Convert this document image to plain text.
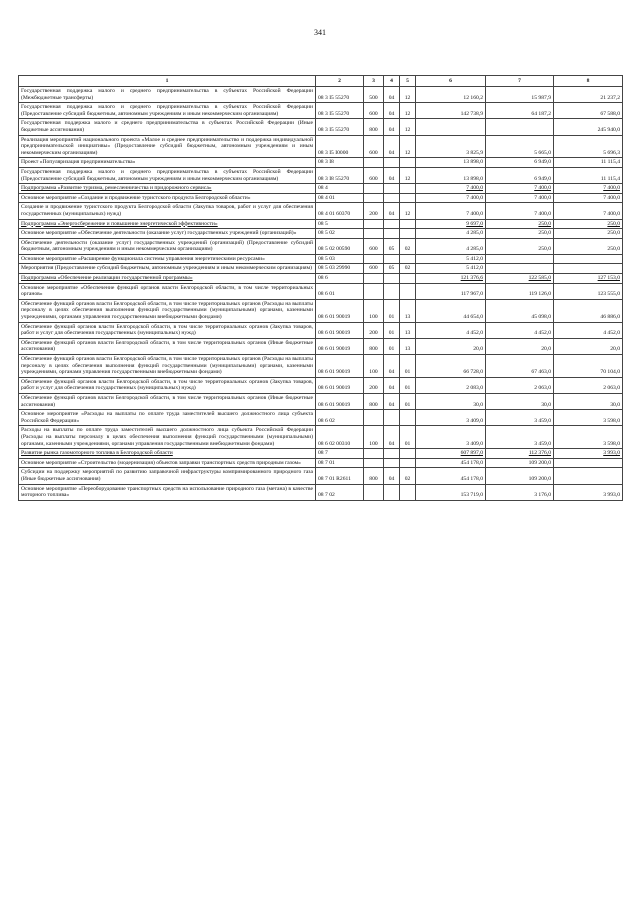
341
1	2	3	4	5	6	7	8
Государственная поддержка малого и среднего предпринимательства в субъектах Российской Федерации (Межбюджетные трансферты)	08 3 I5 55270	500	04	12	12 160,2	15 987,9	21 237,2
Государственная поддержка малого и среднего предпринимательства в субъектах Российской Федерации (Предоставление субсидий бюджетным, автономным учреждениям и иным некоммерческим организациям)	08 3 I5 55270	600	04	12	142 738,9	64 187,2	67 588,0
Государственная поддержка малого и среднего предпринимательства в субъектах Российской Федерации (Иные бюджетные ассигнования)	08 3 I5 55270	800	04	12			245 940,0
Реализация мероприятий национального проекта «Малое и среднее предпринимательство и поддержка индивидуальной предпринимательской инициативы» (Предоставление субсидий бюджетным, автономным учреждениям и иным некоммерческим организациям)	08 3 I5 I0000	600	04	12	3 825,9	5 665,0	5 696,3
Проект «Популяризация предпринимательства»	08 3 I8				13 898,0	6 949,0	11 115,4
Государственная поддержка малого и среднего предпринимательства в субъектах Российской Федерации (Предоставление субсидий бюджетным, автономным учреждениям и иным некоммерческим организациям)	08 3 I8 55270	600	04	12	13 898,0	6 949,0	11 115,4
Подпрограмма «Развитие туризма, ремесленничества и придорожного сервиса»	08 4				7 400,0	7 400,0	7 400,0
Основное мероприятие «Создание и продвижение туристского продукта Белгородской области»	08 4 01				7 400,0	7 400,0	7 400,0
Создание и продвижение туристского продукта Белгородской области (Закупка товаров, работ и услуг для обеспечения государственных (муниципальных) нужд)	08 4 01 60370	200	04	12	7 400,0	7 400,0	7 400,0
Подпрограмма «Энергосбережение и повышение энергетической эффективности»	08 5				9 697,0	250,0	250,0
Основное мероприятие «Обеспечение деятельности (оказание услуг) государственных учреждений (организаций)»	08 5 02				4 285,0	250,0	250,0
Обеспечение деятельности (оказание услуг) государственных учреждений (организаций) (Предоставление субсидий бюджетным, автономным учреждениям и иным некоммерческим организациям)	08 5 02 00590	600	05	02	4 285,0	250,0	250,0
Основное мероприятие «Расширение функционала системы управления энергетическими ресурсами»	08 5 03				5 412,0		
Мероприятия (Предоставление субсидий бюджетным, автономным учреждениям и иным некоммерческим организациям)	08 5 03 29990	600	05	02	5 412,0		
Подпрограмма «Обеспечение реализации государственной программы»	08 6				121 376,6	122 585,0	127 153,0
Основное мероприятие «Обеспечение функций органов власти Белгородской области, в том числе территориальных органов»	08 6 01				117 967,0	119 126,0	123 555,0
Обеспечение функций органов власти Белгородской области, в том числе территориальных органов (Расходы на выплаты персоналу в целях обеспечения выполнения функций государственными (муниципальными) органами, казенными учреждениями, органами управления государственными внебюджетными фондами)	08 6 01 90019	100	01	13	44 654,0	45 098,0	46 886,0
Обеспечение функций органов власти Белгородской области, в том числе территориальных органов (Закупка товаров, работ и услуг для обеспечения государственных (муниципальных) нужд)	08 6 01 90019	200	01	13	4 452,0	4 452,0	4 452,0
Обеспечение функций органов власти Белгородской области, в том числе территориальных органов (Иные бюджетные ассигнования)	08 6 01 90019	800	01	13	20,0	20,0	20,0
Обеспечение функций органов власти Белгородской области, в том числе территориальных органов (Расходы на выплаты персоналу в целях обеспечения выполнения функций государственными (муниципальными) органами, казенными учреждениями, органами управления государственными внебюджетными фондами)	08 6 01 90019	100	04	01	66 728,0	67 463,0	70 104,0
Обеспечение функций органов власти Белгородской области, в том числе территориальных органов (Закупка товаров, работ и услуг для обеспечения государственных (муниципальных) нужд)	08 6 01 90019	200	04	01	2 083,0	2 063,0	2 063,0
Обеспечение функций органов власти Белгородской области, в том числе территориальных органов (Иные бюджетные ассигнования)	08 6 01 90019	800	04	01	30,0	30,0	30,0
Основное мероприятие «Расходы на выплаты по оплате труда заместителей высшего должностного лица субъекта Российской Федерации»	08 6 02				3 409,0	3 459,0	3 598,0
Расходы на выплаты по оплате труда заместителей высшего должностного лица субъекта Российской Федерации (Расходы на выплаты персоналу в целях обеспечения выполнения функций государственными (муниципальными) органами, казенными учреждениями, органами управления государственными внебюджетными фондами)	08 6 02 00310	100	04	01	3 409,0	3 459,0	3 598,0
Развитие рынка газомоторного топлива в Белгородской области	08 7				607 897,0	112 376,0	3 993,0
Основное мероприятие «Строительство (модернизация) объектов заправки транспортных средств природным газом»	08 7 01				454 178,0	109 200,0	
Субсидии на поддержку мероприятий по развитию заправочной инфраструктуры компримированного природного газа (Иные бюджетные ассигнования)	08 7 01 R2611	800	04	02	454 178,0	109 200,0	
Основное мероприятие «Переоборудование транспортных средств на использование природного газа (метана) в качестве моторного топлива»	08 7 02				153 719,0	3 176,0	3 993,0
